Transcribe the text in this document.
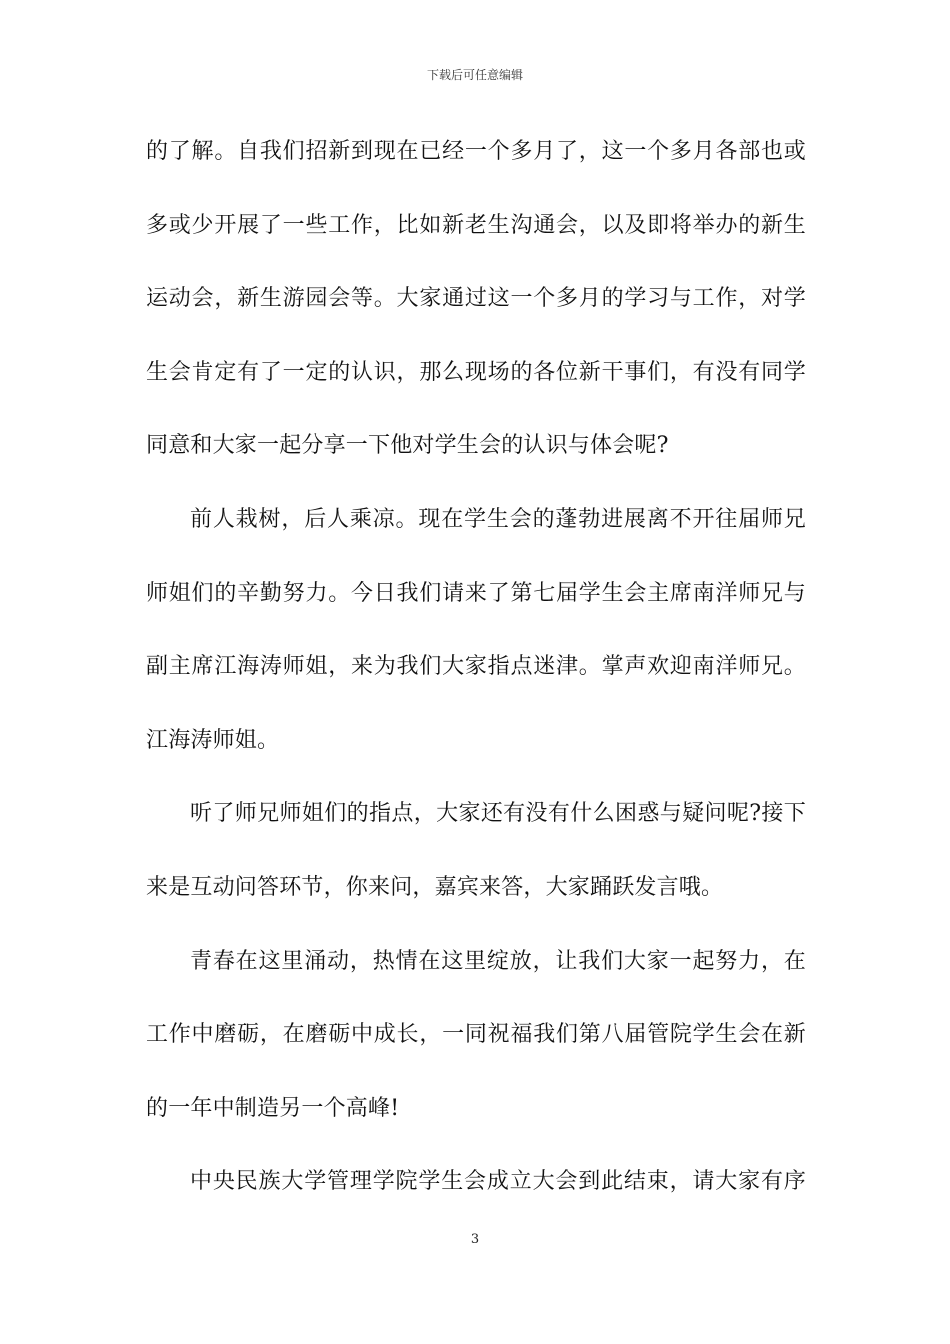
下载后可任意编辑
的了解。自我们招新到现在已经一个多月了，这一个多月各部也或
多或少开展了一些工作，比如新老生沟通会，以及即将举办的新生
运动会，新生游园会等。大家通过这一个多月的学习与工作，对学
生会肯定有了一定的认识，那么现场的各位新干事们，有没有同学
同意和大家一起分享一下他对学生会的认识与体会呢?
前人栽树，后人乘凉。现在学生会的蓬勃进展离不开往届师兄
师姐们的辛勤努力。今日我们请来了第七届学生会主席南洋师兄与
副主席江海涛师姐，来为我们大家指点迷津。掌声欢迎南洋师兄。
江海涛师姐。
听了师兄师姐们的指点，大家还有没有什么困惑与疑问呢?接下
来是互动问答环节，你来问，嘉宾来答，大家踊跃发言哦。
青春在这里涌动，热情在这里绽放，让我们大家一起努力，在
工作中磨砺，在磨砺中成长，一同祝福我们第八届管院学生会在新
的一年中制造另一个高峰!
中央民族大学管理学院学生会成立大会到此结束，请大家有序
3
